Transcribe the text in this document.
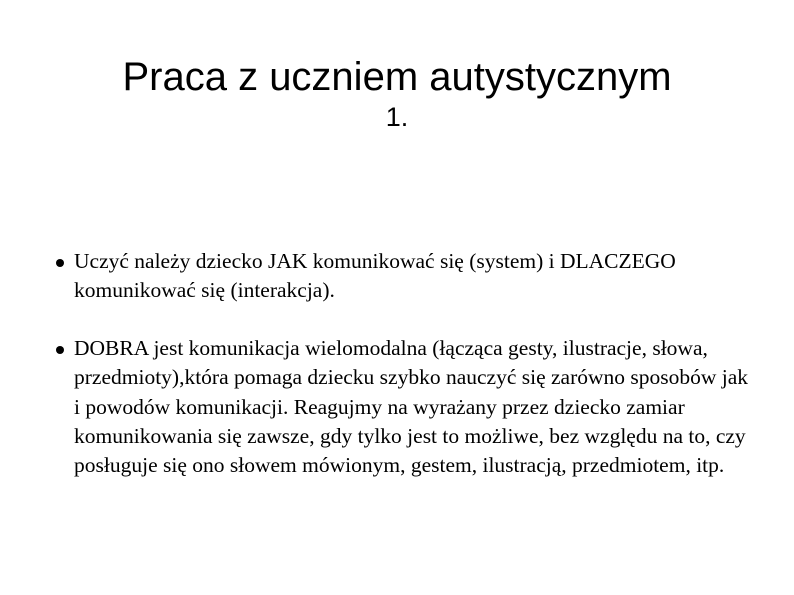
Praca z uczniem autystycznym
1.
Uczyć należy dziecko JAK komunikować się (system) i DLACZEGO komunikować się (interakcja).
DOBRA jest komunikacja wielomodalna (łącząca gesty, ilustracje, słowa, przedmioty),która pomaga dziecku szybko nauczyć się zarówno sposobów jak i powodów komunikacji. Reagujmy na wyrażany przez dziecko zamiar komunikowania się zawsze, gdy tylko jest to możliwe, bez względu na to, czy posługuje się ono słowem mówionym, gestem, ilustracją, przedmiotem, itp.
